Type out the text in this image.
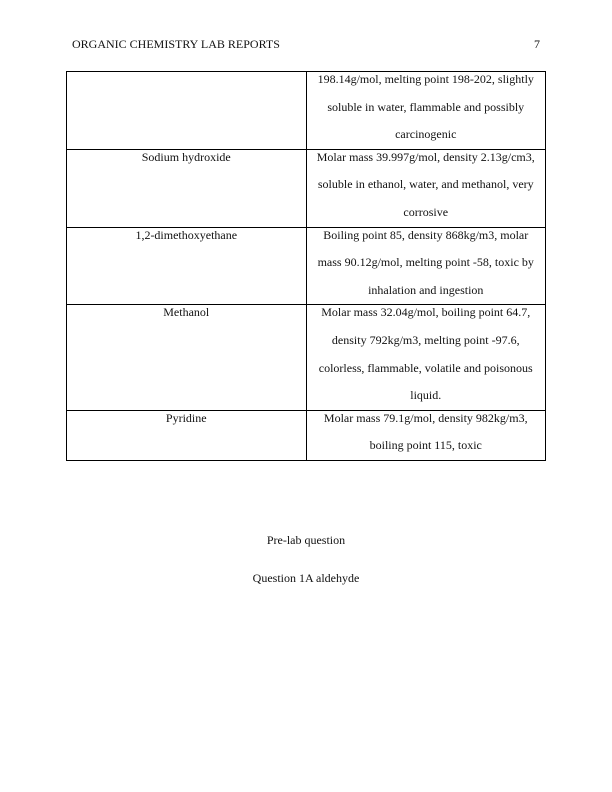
ORGANIC CHEMISTRY LAB REPORTS	7

	198.14g/mol, melting point 198-202, slightly soluble in water, flammable and possibly carcinogenic

Sodium hydroxide	Molar mass 39.997g/mol, density 2.13g/cm3, soluble in ethanol, water, and methanol, very corrosive

1,2-dimethoxyethane	Boiling point 85, density 868kg/m3, molar mass 90.12g/mol, melting point -58, toxic by inhalation and ingestion

Methanol	Molar mass 32.04g/mol, boiling point 64.7, density 792kg/m3, melting point -97.6, colorless, flammable, volatile and poisonous liquid.

Pyridine	Molar mass 79.1g/mol, density 982kg/m3, boiling point 115, toxic
Pre-lab question
Question 1A aldehyde
